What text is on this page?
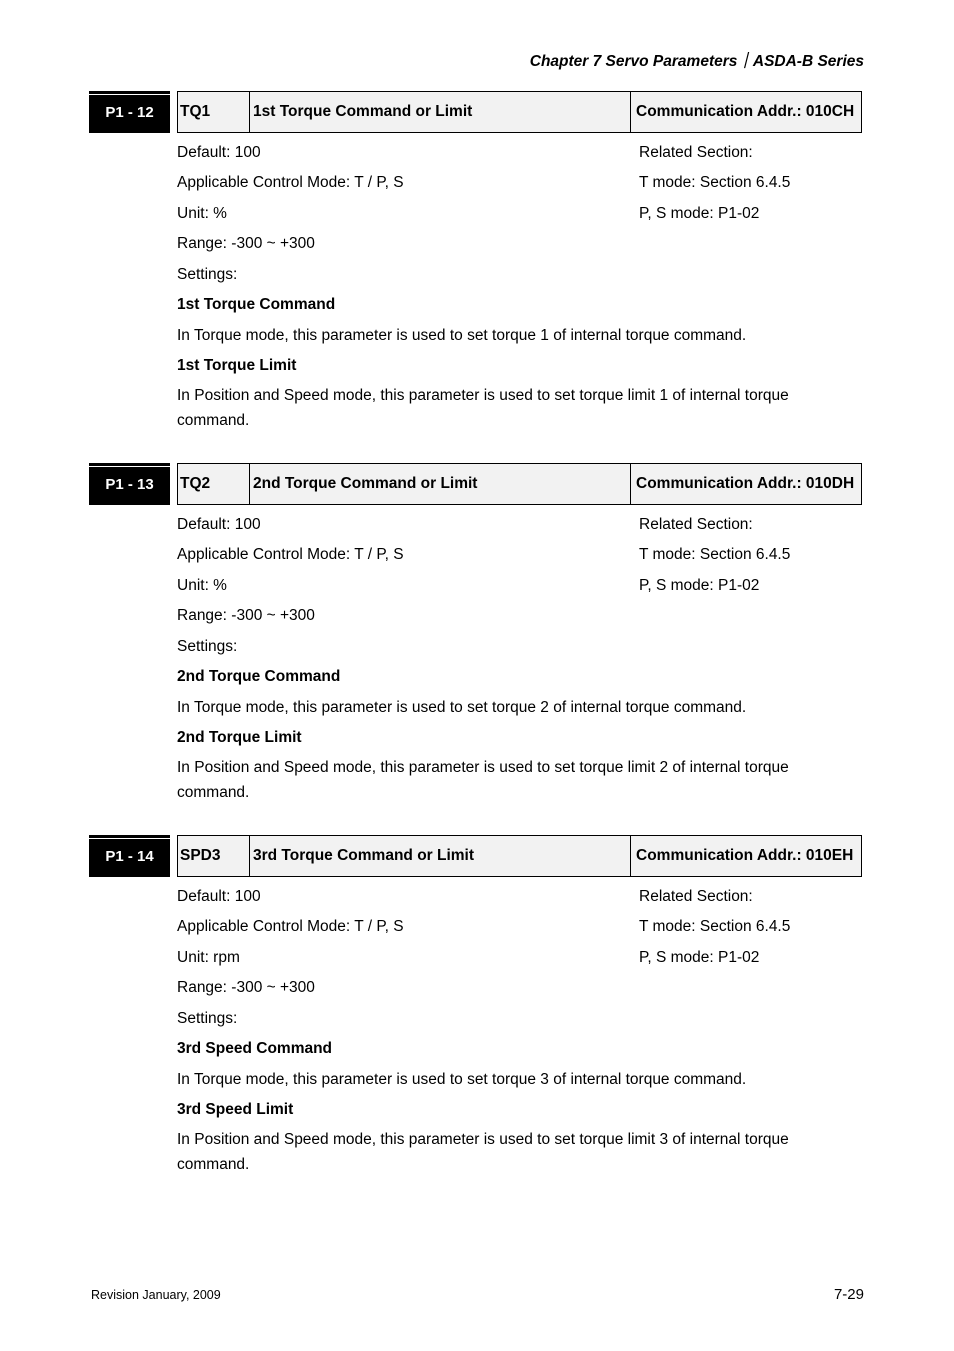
Chapter 7 Servo Parameters｜ASDA-B Series
P1 - 12	TQ1	1st Torque Command or Limit	Communication Addr.: 010CH
Default: 100
Applicable Control Mode: T / P, S
Unit: %
Range: -300 ~ +300
Settings:
Related Section:
T mode: Section 6.4.5
P, S mode: P1-02
1st Torque Command
In Torque mode, this parameter is used to set torque 1 of internal torque command.
1st Torque Limit
In Position and Speed mode, this parameter is used to set torque limit 1 of internal torque command.
P1 - 13	TQ2	2nd Torque Command or Limit	Communication Addr.: 010DH
Default: 100
Applicable Control Mode: T / P, S
Unit: %
Range: -300 ~ +300
Settings:
Related Section:
T mode: Section 6.4.5
P, S mode: P1-02
2nd Torque Command
In Torque mode, this parameter is used to set torque 2 of internal torque command.
2nd Torque Limit
In Position and Speed mode, this parameter is used to set torque limit 2 of internal torque command.
P1 - 14	SPD3	3rd Torque Command or Limit	Communication Addr.: 010EH
Default: 100
Applicable Control Mode: T / P, S
Unit: rpm
Range: -300 ~ +300
Settings:
Related Section:
T mode: Section 6.4.5
P, S mode: P1-02
3rd Speed Command
In Torque mode, this parameter is used to set torque 3 of internal torque command.
3rd Speed Limit
In Position and Speed mode, this parameter is used to set torque limit 3 of internal torque command.
Revision January, 2009	7-29
